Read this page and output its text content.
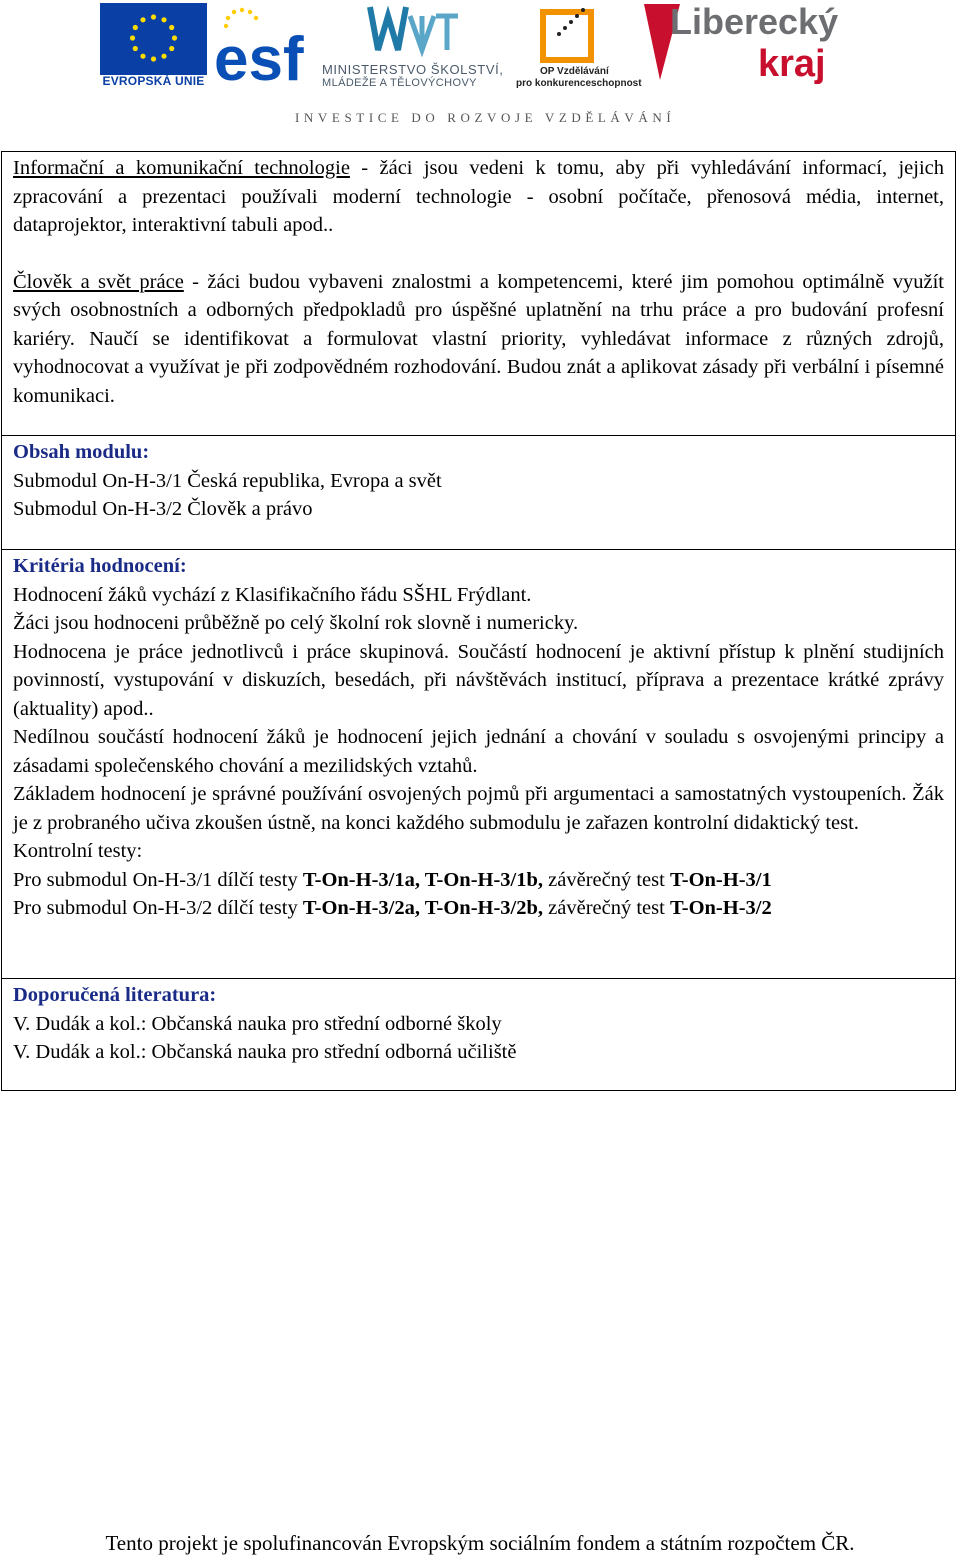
EVROPSKÁ UNIE esf MINISTERSTVO ŠKOLSTVÍ,
MLÁDEŽE A TĚLOVÝCHOVY
OP Vzdělávání
pro konkurenceschopnost
Liberecký
kraj
INVESTICE DO ROZVOJE VZDĚLÁVÁNÍ

Informační a komunikační technologie - žáci jsou vedeni k tomu, aby při vyhledávání informací, jejich zpracování a prezentaci používali moderní technologie - osobní počítače, přenosová média, internet, dataprojektor, interaktivní tabuli apod..

Člověk a svět práce - žáci budou vybaveni znalostmi a kompetencemi, které jim pomohou optimálně využít svých osobnostních a odborných předpokladů pro úspěšné uplatnění na trhu práce a pro budování profesní kariéry. Naučí se identifikovat a formulovat vlastní priority, vyhledávat informace z různých zdrojů, vyhodnocovat a využívat je při zodpovědném rozhodování. Budou znát a aplikovat zásady při verbální i písemné komunikaci.

Obsah modulu:

Submodul On-H-3/1 Česká republika, Evropa a svět

Submodul On-H-3/2 Člověk a právo

Kritéria hodnocení:

Hodnocení žáků vychází z Klasifikačního řádu SŠHL Frýdlant.

Žáci jsou hodnoceni průběžně po celý školní rok slovně i numericky.

Hodnocena je práce jednotlivců i práce skupinová. Součástí hodnocení je aktivní přístup k plnění studijních povinností, vystupování v diskuzích, besedách, při návštěvách institucí, příprava a prezentace krátké zprávy (aktuality) apod..

Nedílnou součástí hodnocení žáků je hodnocení jejich jednání a chování v souladu s osvojenými principy a zásadami společenského chování a mezilidských vztahů.

Základem hodnocení je správné používání osvojených pojmů při argumentaci a samostatných vystoupeních. Žák je z probraného učiva zkoušen ústně, na konci každého submodulu je zařazen kontrolní didaktický test.

Kontrolní testy:

Pro submodul On-H-3/1 dílčí testy T-On-H-3/1a, T-On-H-3/1b, závěrečný test T-On-H-3/1

Pro submodul On-H-3/2 dílčí testy T-On-H-3/2a, T-On-H-3/2b, závěrečný test T-On-H-3/2

Doporučená literatura:

V. Dudák a kol.: Občanská nauka pro střední odborné školy

V. Dudák a kol.: Občanská nauka pro střední odborná učiliště

Tento projekt je spolufinancován Evropským sociálním fondem a státním rozpočtem ČR.
